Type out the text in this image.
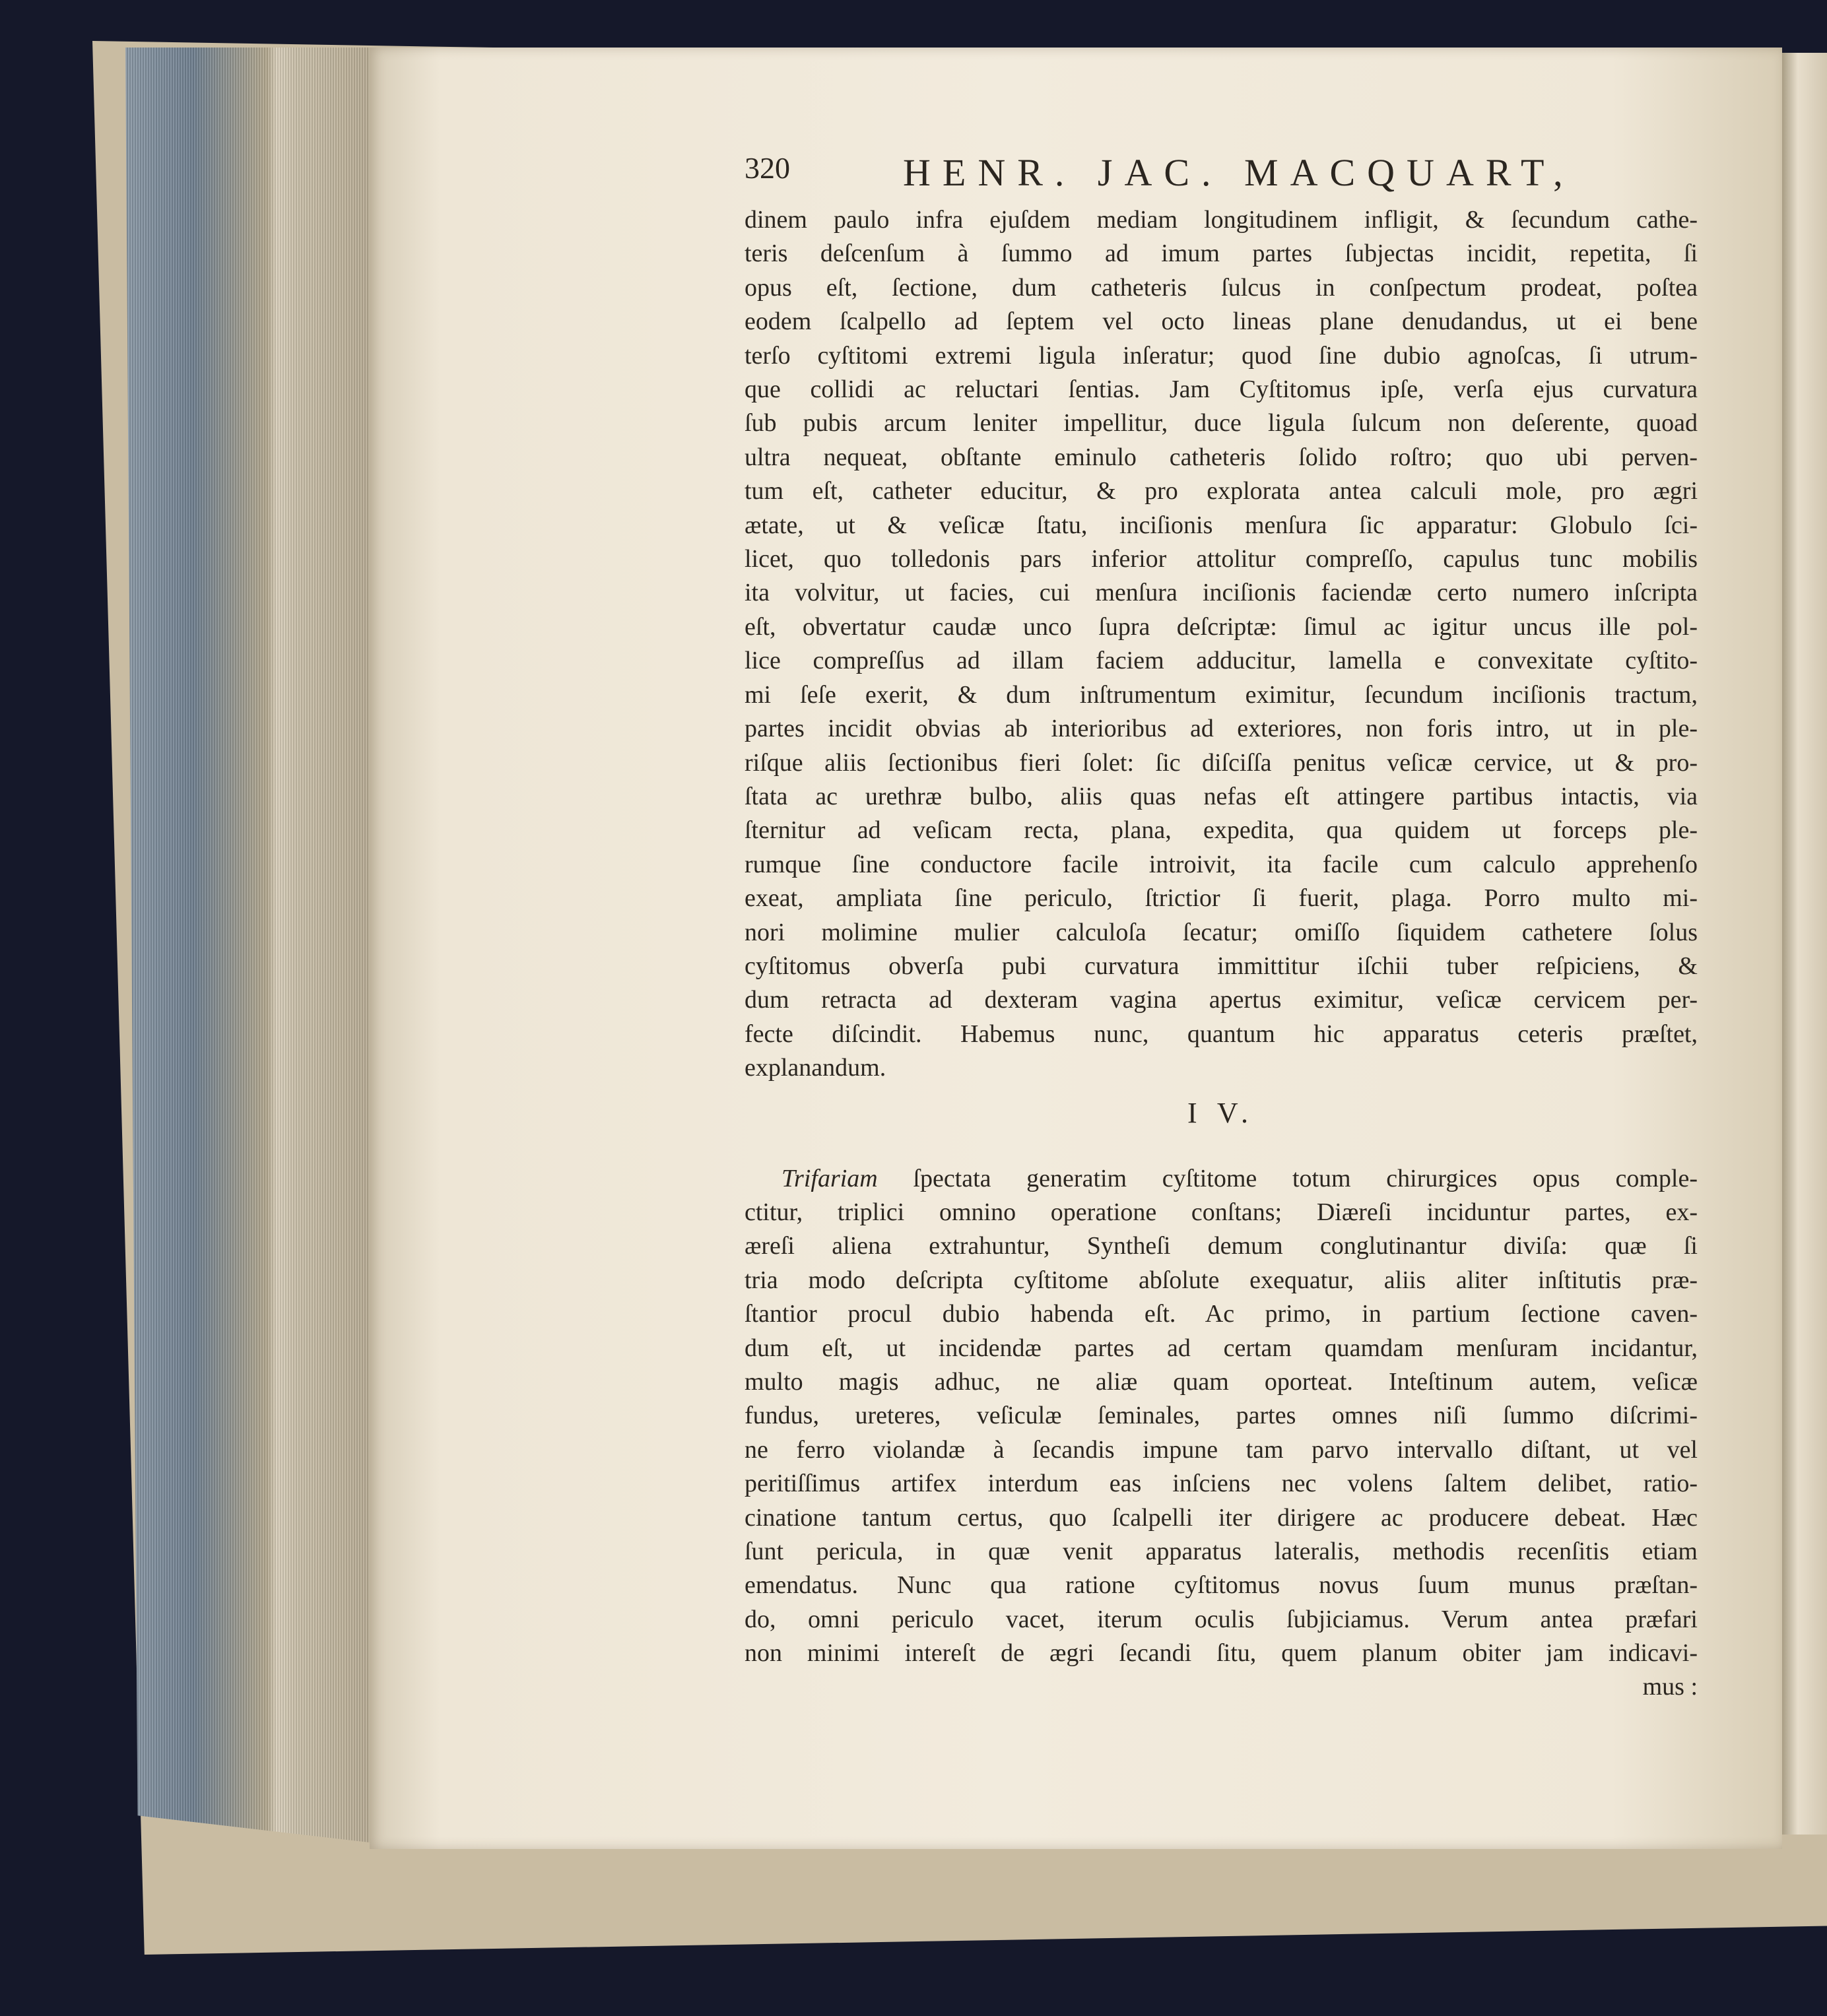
320	HENR. JAC. MACQUART,

dinem paulo infra ejuſdem mediam longitudinem infligit, & ſecundum cathe-
teris deſcenſum à ſummo ad imum partes ſubjectas incidit, repetita, ſi
opus eſt, ſectione, dum catheteris ſulcus in conſpectum prodeat, poſtea
eodem ſcalpello ad ſeptem vel octo lineas plane denudandus, ut ei bene
terſo cyſtitomi extremi ligula inſeratur; quod ſine dubio agnoſcas, ſi utrum-
que collidi ac reluctari ſentias. Jam Cyſtitomus ipſe, verſa ejus curvatura
ſub pubis arcum leniter impellitur, duce ligula ſulcum non deſerente, quoad
ultra nequeat, obſtante eminulo catheteris ſolido roſtro; quo ubi perven-
tum eſt, catheter educitur, & pro explorata antea calculi mole, pro ægri
ætate, ut & veſicæ ſtatu, inciſionis menſura ſic apparatur: Globulo ſci-
licet, quo tolledonis pars inferior attolitur compreſſo, capulus tunc mobilis
ita volvitur, ut facies, cui menſura inciſionis faciendæ certo numero inſcripta
eſt, obvertatur caudæ unco ſupra deſcriptæ: ſimul ac igitur uncus ille pol-
lice compreſſus ad illam faciem adducitur, lamella e convexitate cyſtito-
mi ſeſe exerit, & dum inſtrumentum eximitur, ſecundum inciſionis tractum,
partes incidit obvias ab interioribus ad exteriores, non foris intro, ut in ple-
riſque aliis ſectionibus fieri ſolet: ſic diſciſſa penitus veſicæ cervice, ut & pro-
ſtata ac urethræ bulbo, aliis quas nefas eſt attingere partibus intactis, via
ſternitur ad veſicam recta, plana, expedita, qua quidem ut forceps ple-
rumque ſine conductore facile introivit, ita facile cum calculo apprehenſo
exeat, ampliata ſine periculo, ſtrictior ſi fuerit, plaga. Porro multo mi-
nori molimine mulier calculoſa ſecatur; omiſſo ſiquidem cathetere ſolus
cyſtitomus obverſa pubi curvatura immittitur iſchii tuber reſpiciens, &
dum retracta ad dexteram vagina apertus eximitur, veſicæ cervicem per-
fecte diſcindit. Habemus nunc, quantum hic apparatus ceteris præſtet,
explanandum.

I V.

Trifariam ſpectata generatim cyſtitome totum chirurgices opus comple-
ctitur, triplici omnino operatione conſtans; Diæreſi inciduntur partes, ex-
æreſi aliena extrahuntur, Syntheſi demum conglutinantur diviſa: quæ ſi
tria modo deſcripta cyſtitome abſolute exequatur, aliis aliter inſtitutis præ-
ſtantior procul dubio habenda eſt. Ac primo, in partium ſectione caven-
dum eſt, ut incidendæ partes ad certam quamdam menſuram incidantur,
multo magis adhuc, ne aliæ quam oporteat. Inteſtinum autem, veſicæ
fundus, ureteres, veſiculæ ſeminales, partes omnes niſi ſummo diſcrimi-
ne ferro violandæ à ſecandis impune tam parvo intervallo diſtant, ut vel
peritiſſimus artifex interdum eas inſciens nec volens ſaltem delibet, ratio-
cinatione tantum certus, quo ſcalpelli iter dirigere ac producere debeat. Hæc
ſunt pericula, in quæ venit apparatus lateralis, methodis recenſitis etiam
emendatus. Nunc qua ratione cyſtitomus novus ſuum munus præſtan-
do, omni periculo vacet, iterum oculis ſubjiciamus. Verum antea præfari
non minimi intereſt de ægri ſecandi ſitu, quem planum obiter jam indicavi-

mus :
